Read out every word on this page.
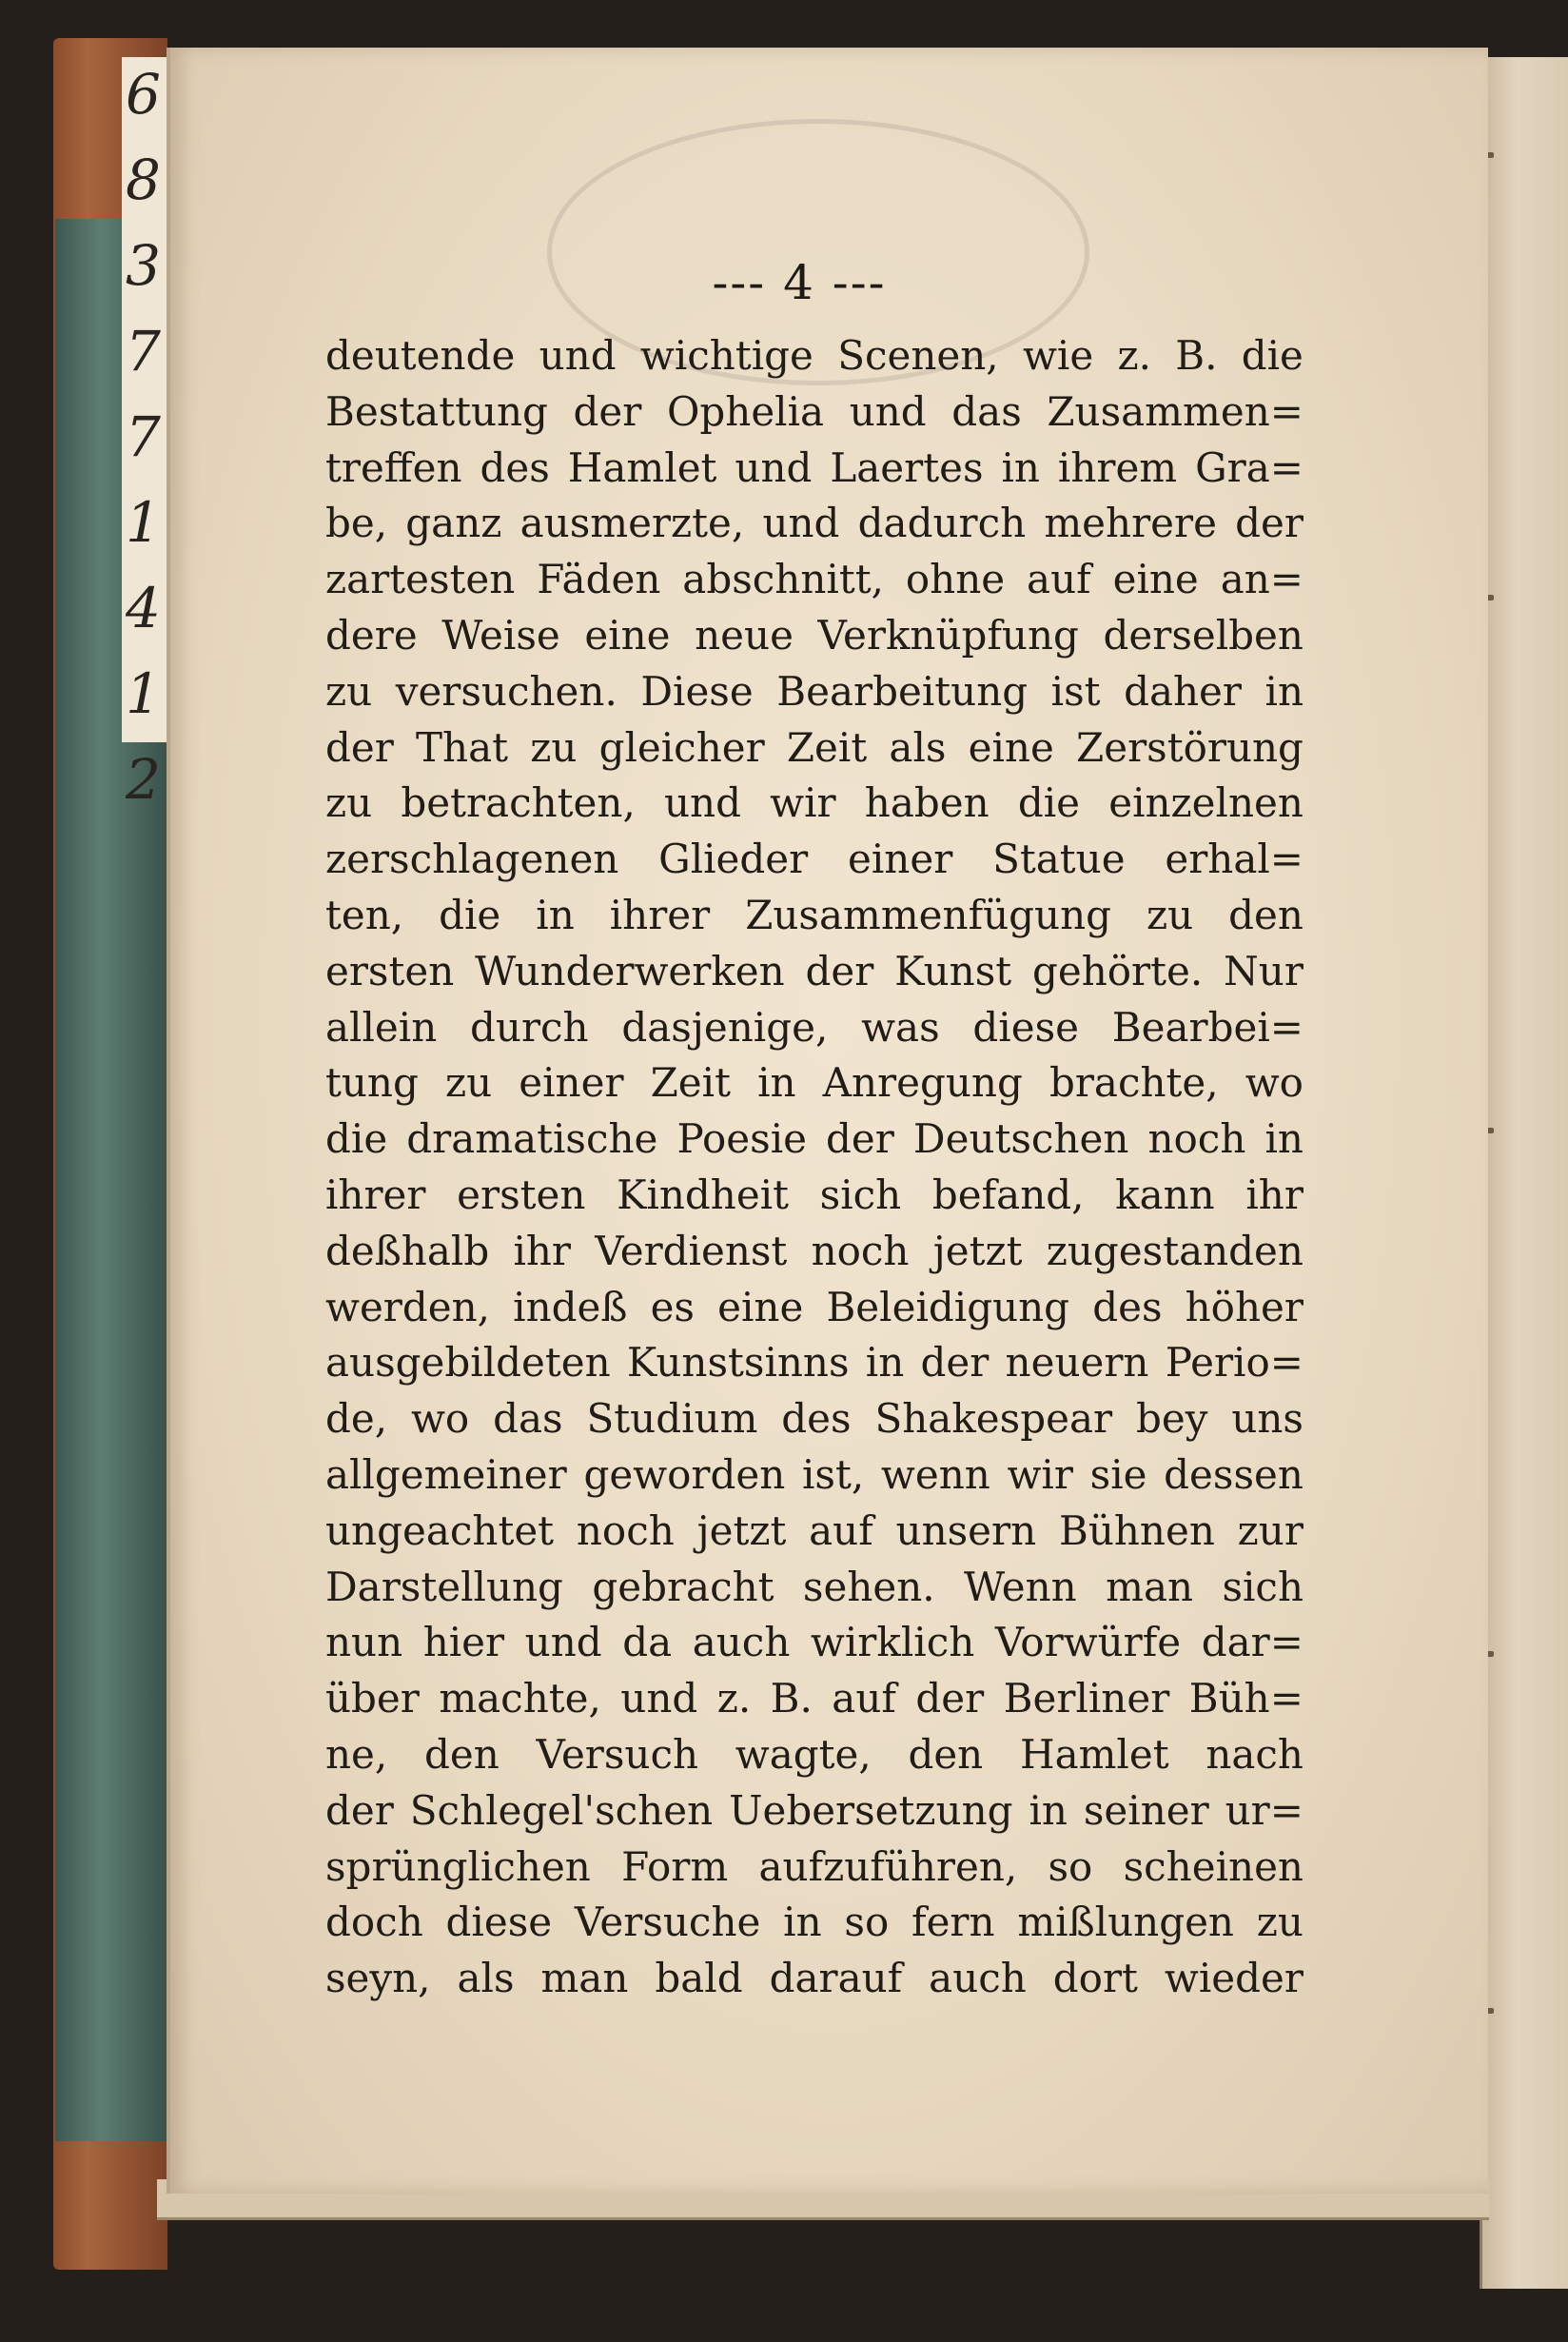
6
8
3
7
7
1
4
1
2
--- 4 ---
deutende und wichtige Scenen, wie z. B. die
Bestattung der Ophelia und das Zusammen=
treffen des Hamlet und Laertes in ihrem Gra=
be, ganz ausmerzte, und dadurch mehrere der
zartesten Fäden abschnitt, ohne auf eine an=
dere Weise eine neue Verknüpfung derselben
zu versuchen. Diese Bearbeitung ist daher in
der That zu gleicher Zeit als eine Zerstörung
zu betrachten, und wir haben die einzelnen
zerschlagenen Glieder einer Statue erhal=
ten, die in ihrer Zusammenfügung zu den
ersten Wunderwerken der Kunst gehörte. Nur
allein durch dasjenige, was diese Bearbei=
tung zu einer Zeit in Anregung brachte, wo
die dramatische Poesie der Deutschen noch in
ihrer ersten Kindheit sich befand, kann ihr
deßhalb ihr Verdienst noch jetzt zugestanden
werden, indeß es eine Beleidigung des höher
ausgebildeten Kunstsinns in der neuern Perio=
de, wo das Studium des Shakespear bey uns
allgemeiner geworden ist, wenn wir sie dessen
ungeachtet noch jetzt auf unsern Bühnen zur
Darstellung gebracht sehen. Wenn man sich
nun hier und da auch wirklich Vorwürfe dar=
über machte, und z. B. auf der Berliner Büh=
ne, den Versuch wagte, den Hamlet nach
der Schlegel'schen Uebersetzung in seiner ur=
sprünglichen Form aufzuführen, so scheinen
doch diese Versuche in so fern mißlungen zu
seyn, als man bald darauf auch dort wieder
